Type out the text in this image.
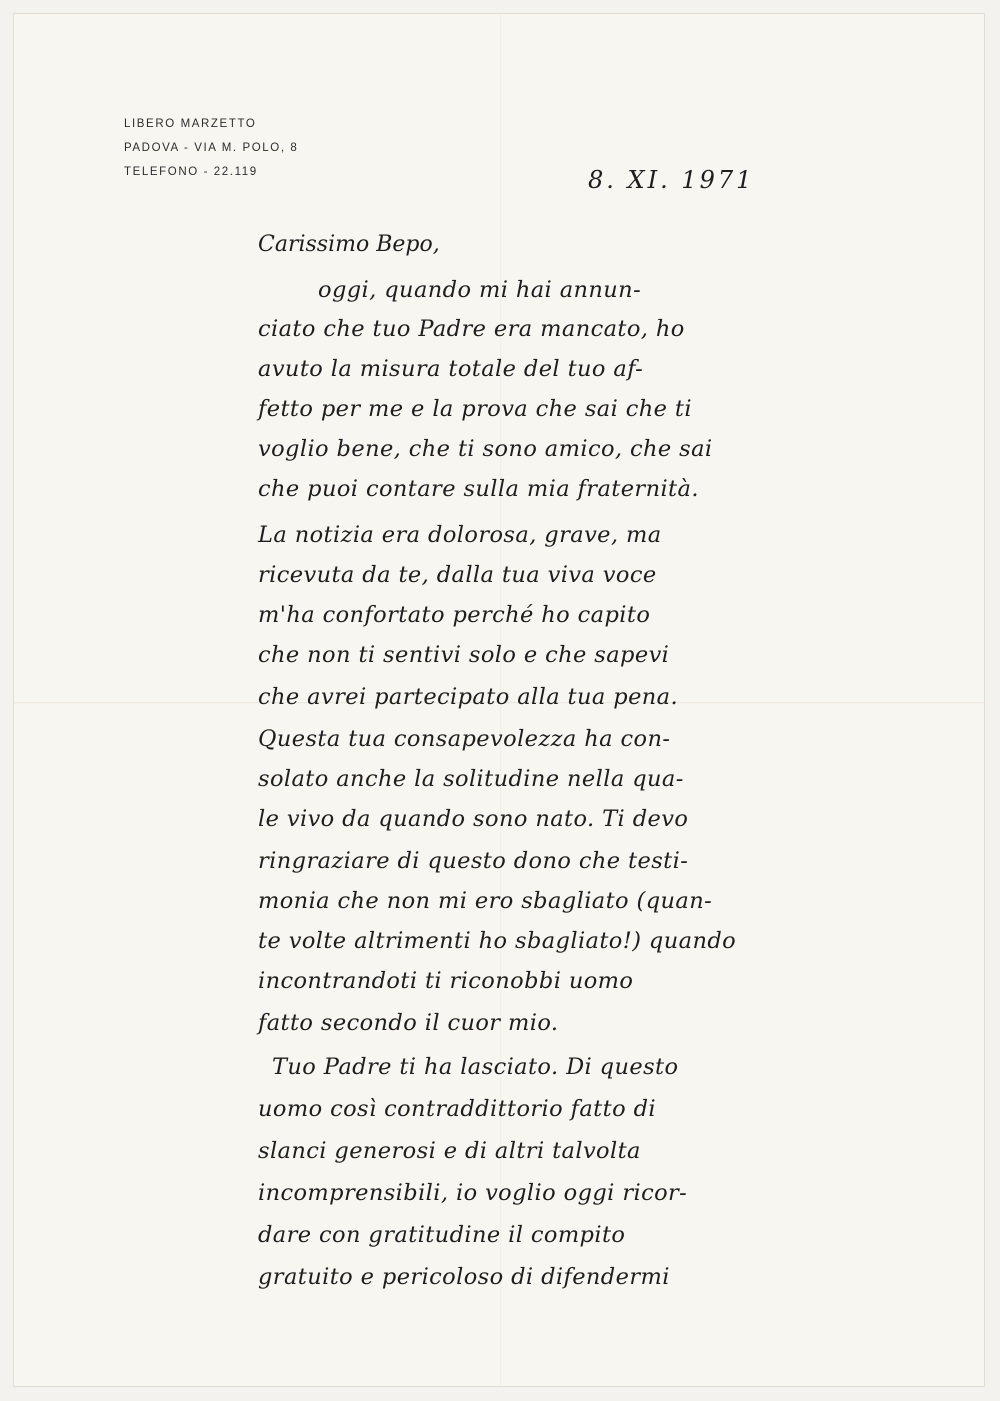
LIBERO MARZETTO
PADOVA - VIA M. POLO, 8
TELEFONO - 22.119	8. XI. 1971
Carissimo Bepo,
oggi, quando mi hai annun-
ciato che tuo Padre era mancato, ho
avuto la misura totale del tuo af-
fetto per me e la prova che sai che ti
voglio bene, che ti sono amico, che sai
che puoi contare sulla mia fraternità.
La notizia era dolorosa, grave, ma
ricevuta da te, dalla tua viva voce
m'ha confortato perché ho capito
che non ti sentivi solo e che sapevi
che avrei partecipato alla tua pena.
Questa tua consapevolezza ha con-
solato anche la solitudine nella qua-
le vivo da quando sono nato. Ti devo
ringraziare di questo dono che testi-
monia che non mi ero sbagliato (quan-
te volte altrimenti ho sbagliato!) quando
incontrandoti ti riconobbi uomo
fatto secondo il cuor mio.
Tuo Padre ti ha lasciato. Di questo
uomo così contraddittorio fatto di
slanci generosi e di altri talvolta
incomprensibili, io voglio oggi ricor-
dare con gratitudine il compito
gratuito e pericoloso di difendermi
